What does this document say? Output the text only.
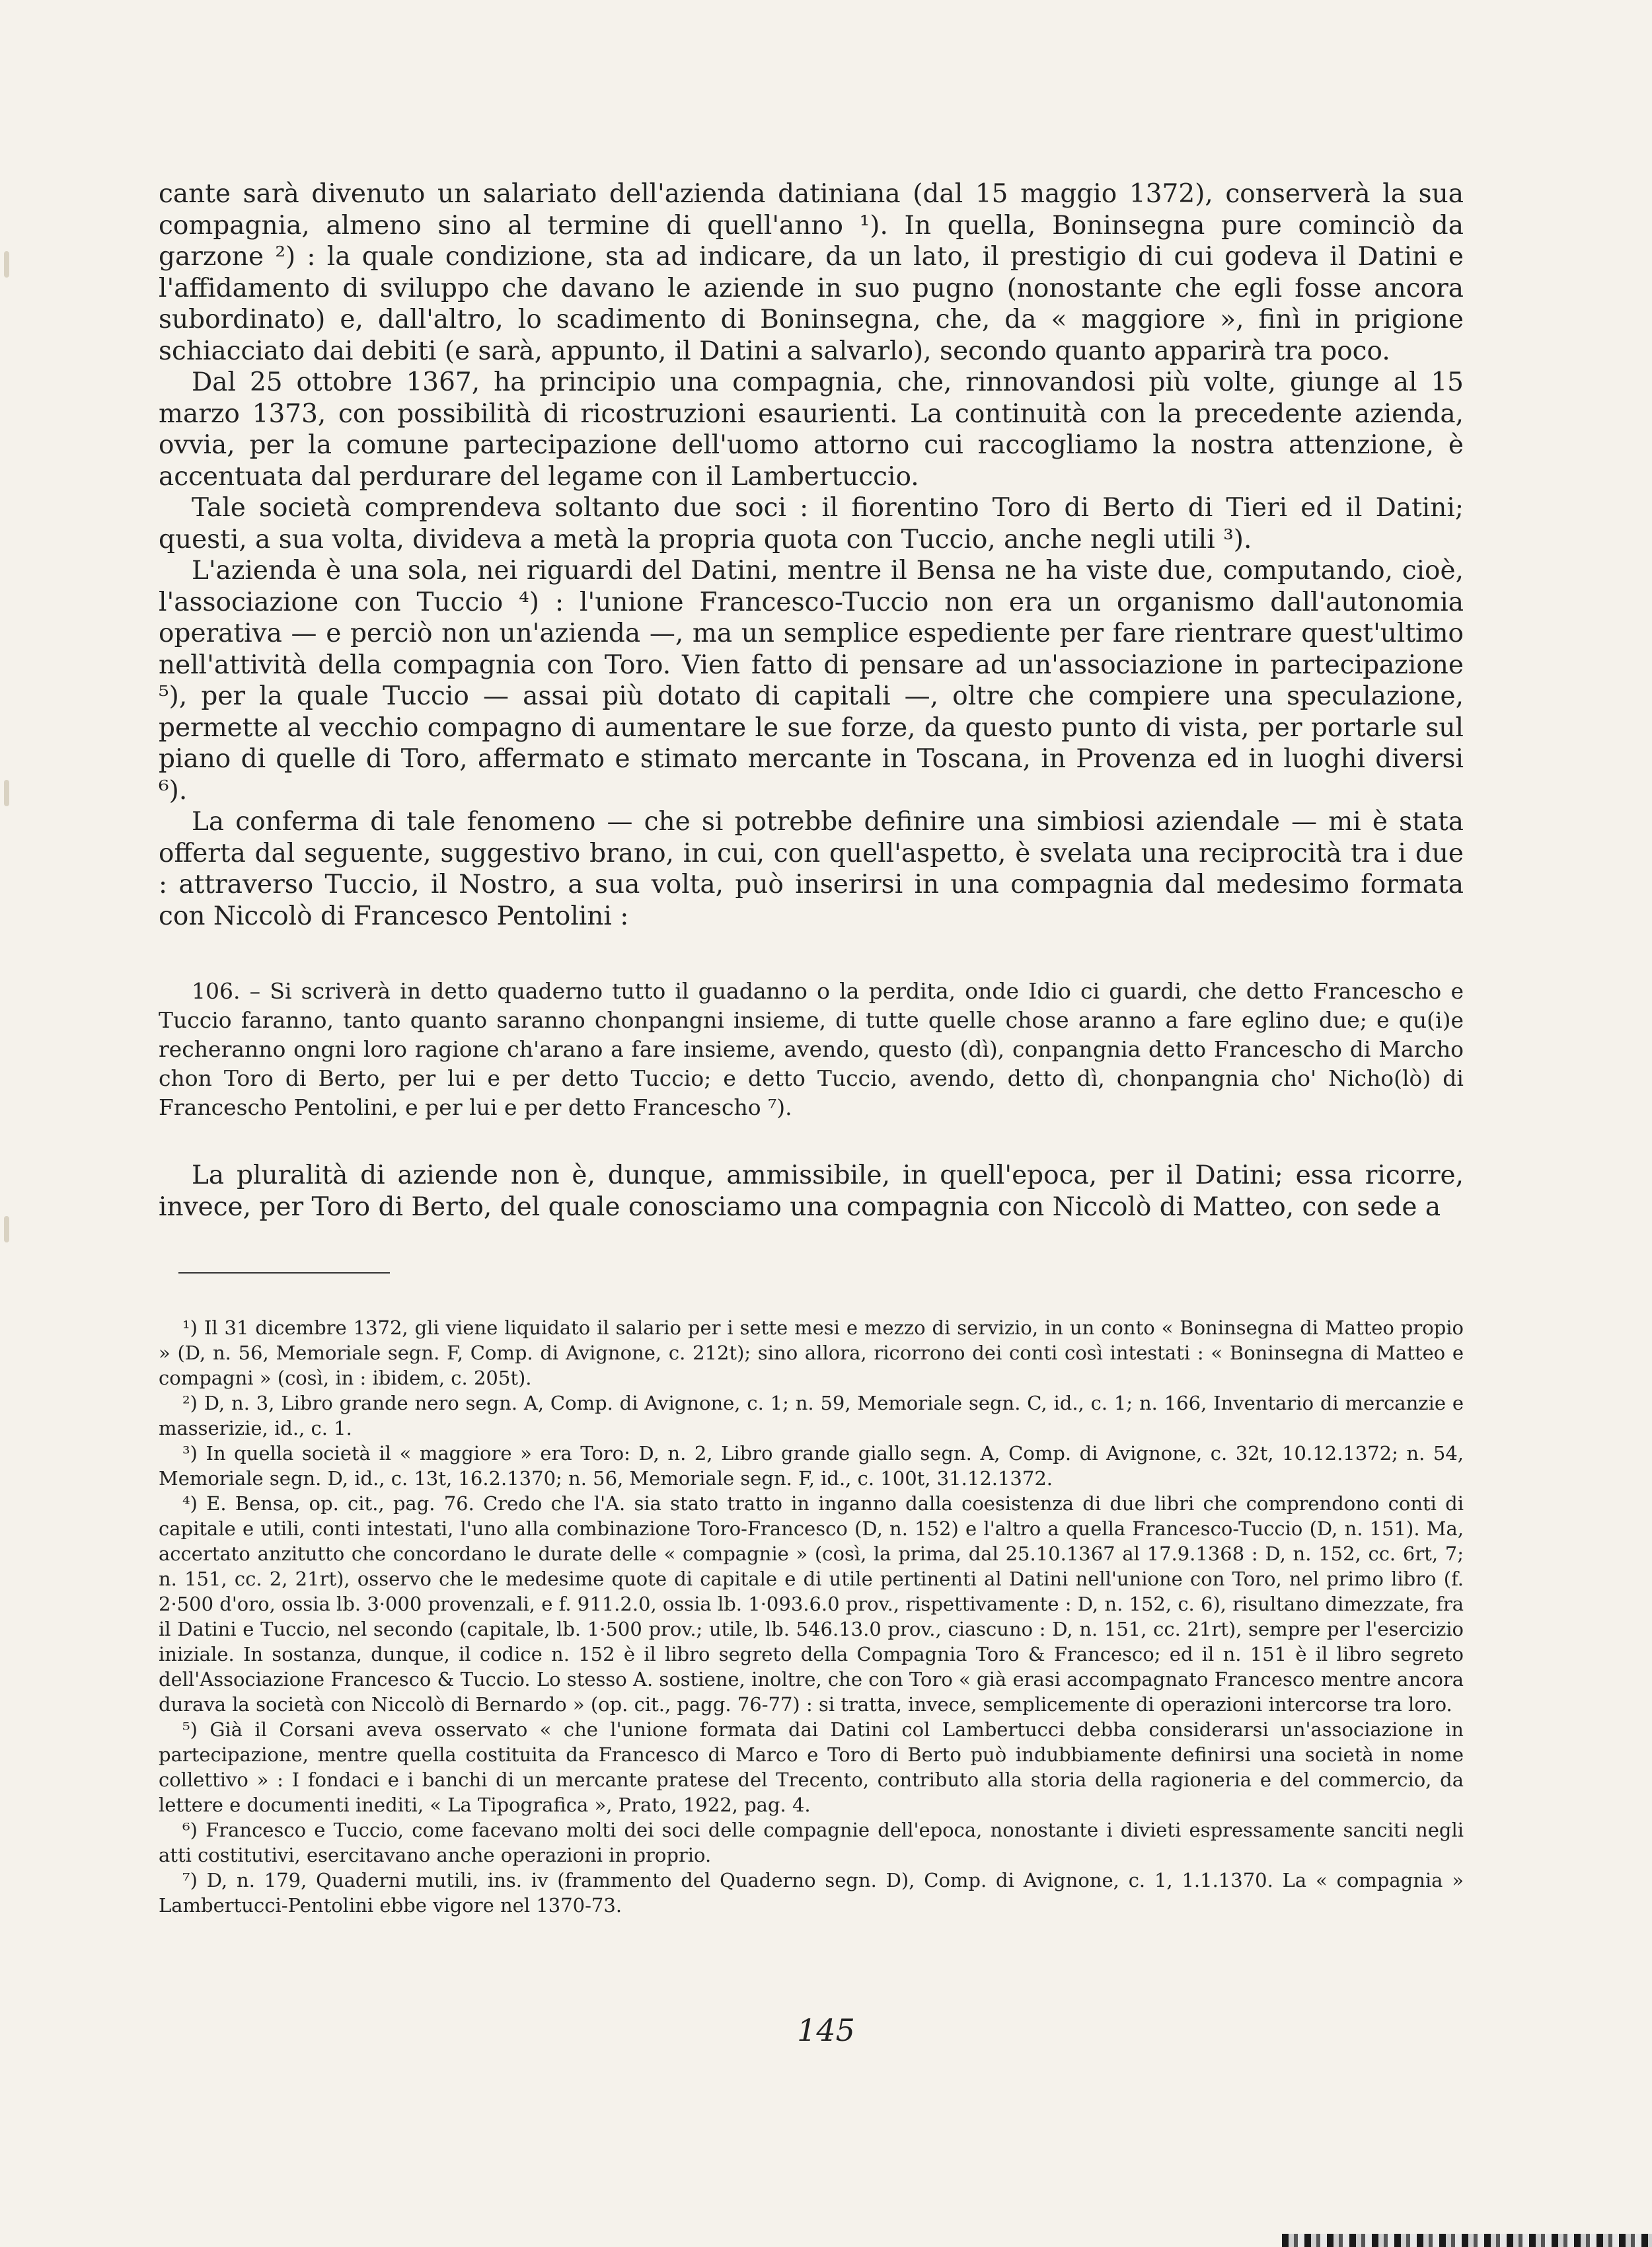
cante sarà divenuto un salariato dell'azienda datiniana (dal 15 maggio 1372), conserverà la sua compagnia, almeno sino al termine di quell'anno ¹). In quella, Boninsegna pure cominciò da garzone ²) : la quale condizione, sta ad indicare, da un lato, il prestigio di cui godeva il Datini e l'affidamento di sviluppo che davano le aziende in suo pugno (nonostante che egli fosse ancora subordinato) e, dall'altro, lo scadimento di Boninsegna, che, da « maggiore », finì in prigione schiacciato dai debiti (e sarà, appunto, il Datini a salvarlo), secondo quanto apparirà tra poco.

Dal 25 ottobre 1367, ha principio una compagnia, che, rinnovandosi più volte, giunge al 15 marzo 1373, con possibilità di ricostruzioni esaurienti. La continuità con la precedente azienda, ovvia, per la comune partecipazione dell'uomo attorno cui raccogliamo la nostra attenzione, è accentuata dal perdurare del legame con il Lambertuccio.

Tale società comprendeva soltanto due soci : il fiorentino Toro di Berto di Tieri ed il Datini; questi, a sua volta, divideva a metà la propria quota con Tuccio, anche negli utili ³).

L'azienda è una sola, nei riguardi del Datini, mentre il Bensa ne ha viste due, computando, cioè, l'associazione con Tuccio ⁴) : l'unione Francesco-Tuccio non era un organismo dall'autonomia operativa — e perciò non un'azienda —, ma un semplice espediente per fare rientrare quest'ultimo nell'attività della compagnia con Toro. Vien fatto di pensare ad un'associazione in partecipazione ⁵), per la quale Tuccio — assai più dotato di capitali —, oltre che compiere una speculazione, permette al vecchio compagno di aumentare le sue forze, da questo punto di vista, per portarle sul piano di quelle di Toro, affermato e stimato mercante in Toscana, in Provenza ed in luoghi diversi ⁶).

La conferma di tale fenomeno — che si potrebbe definire una simbiosi aziendale — mi è stata offerta dal seguente, suggestivo brano, in cui, con quell'aspetto, è svelata una reciprocità tra i due : attraverso Tuccio, il Nostro, a sua volta, può inserirsi in una compagnia dal medesimo formata con Niccolò di Francesco Pentolini :

106. – Si scriverà in detto quaderno tutto il guadanno o la perdita, onde Idio ci guardi, che detto Francescho e Tuccio faranno, tanto quanto saranno chonpangni insieme, di tutte quelle chose aranno a fare eglino due; e qu(i)e recheranno ongni loro ragione ch'arano a fare insieme, avendo, questo (dì), conpangnia detto Francescho di Marcho chon Toro di Berto, per lui e per detto Tuccio; e detto Tuccio, avendo, detto dì, chonpangnia cho' Nicho(lò) di Francescho Pentolini, e per lui e per detto Francescho ⁷).

La pluralità di aziende non è, dunque, ammissibile, in quell'epoca, per il Datini; essa ricorre, invece, per Toro di Berto, del quale conosciamo una compagnia con Niccolò di Matteo, con sede a

¹) Il 31 dicembre 1372, gli viene liquidato il salario per i sette mesi e mezzo di servizio, in un conto « Boninsegna di Matteo propio » (D, n. 56, Memoriale segn. F, Comp. di Avignone, c. 212t); sino allora, ricorrono dei conti così intestati : « Boninsegna di Matteo e compagni » (così, in : ibidem, c. 205t).

²) D, n. 3, Libro grande nero segn. A, Comp. di Avignone, c. 1; n. 59, Memoriale segn. C, id., c. 1; n. 166, Inventario di mercanzie e masserizie, id., c. 1.

³) In quella società il « maggiore » era Toro: D, n. 2, Libro grande giallo segn. A, Comp. di Avignone, c. 32t, 10.12.1372; n. 54, Memoriale segn. D, id., c. 13t, 16.2.1370; n. 56, Memoriale segn. F, id., c. 100t, 31.12.1372.

⁴) E. Bensa, op. cit., pag. 76. Credo che l'A. sia stato tratto in inganno dalla coesistenza di due libri che comprendono conti di capitale e utili, conti intestati, l'uno alla combinazione Toro-Francesco (D, n. 152) e l'altro a quella Francesco-Tuccio (D, n. 151). Ma, accertato anzitutto che concordano le durate delle « compagnie » (così, la prima, dal 25.10.1367 al 17.9.1368 : D, n. 152, cc. 6rt, 7; n. 151, cc. 2, 21rt), osservo che le medesime quote di capitale e di utile pertinenti al Datini nell'unione con Toro, nel primo libro (f. 2·500 d'oro, ossia lb. 3·000 provenzali, e f. 911.2.0, ossia lb. 1·093.6.0 prov., rispettivamente : D, n. 152, c. 6), risultano dimezzate, fra il Datini e Tuccio, nel secondo (capitale, lb. 1·500 prov.; utile, lb. 546.13.0 prov., ciascuno : D, n. 151, cc. 21rt), sempre per l'esercizio iniziale. In sostanza, dunque, il codice n. 152 è il libro segreto della Compagnia Toro & Francesco; ed il n. 151 è il libro segreto dell'Associazione Francesco & Tuccio. Lo stesso A. sostiene, inoltre, che con Toro « già erasi accompagnato Francesco mentre ancora durava la società con Niccolò di Bernardo » (op. cit., pagg. 76-77) : si tratta, invece, semplicemente di operazioni intercorse tra loro.

⁵) Già il Corsani aveva osservato « che l'unione formata dai Datini col Lambertucci debba considerarsi un'associazione in partecipazione, mentre quella costituita da Francesco di Marco e Toro di Berto può indubbiamente definirsi una società in nome collettivo » : I fondaci e i banchi di un mercante pratese del Trecento, contributo alla storia della ragioneria e del commercio, da lettere e documenti inediti, « La Tipografica », Prato, 1922, pag. 4.

⁶) Francesco e Tuccio, come facevano molti dei soci delle compagnie dell'epoca, nonostante i divieti espressamente sanciti negli atti costitutivi, esercitavano anche operazioni in proprio.

⁷) D, n. 179, Quaderni mutili, ins. iv (frammento del Quaderno segn. D), Comp. di Avignone, c. 1, 1.1.1370. La « compagnia » Lambertucci-Pentolini ebbe vigore nel 1370-73.

145
